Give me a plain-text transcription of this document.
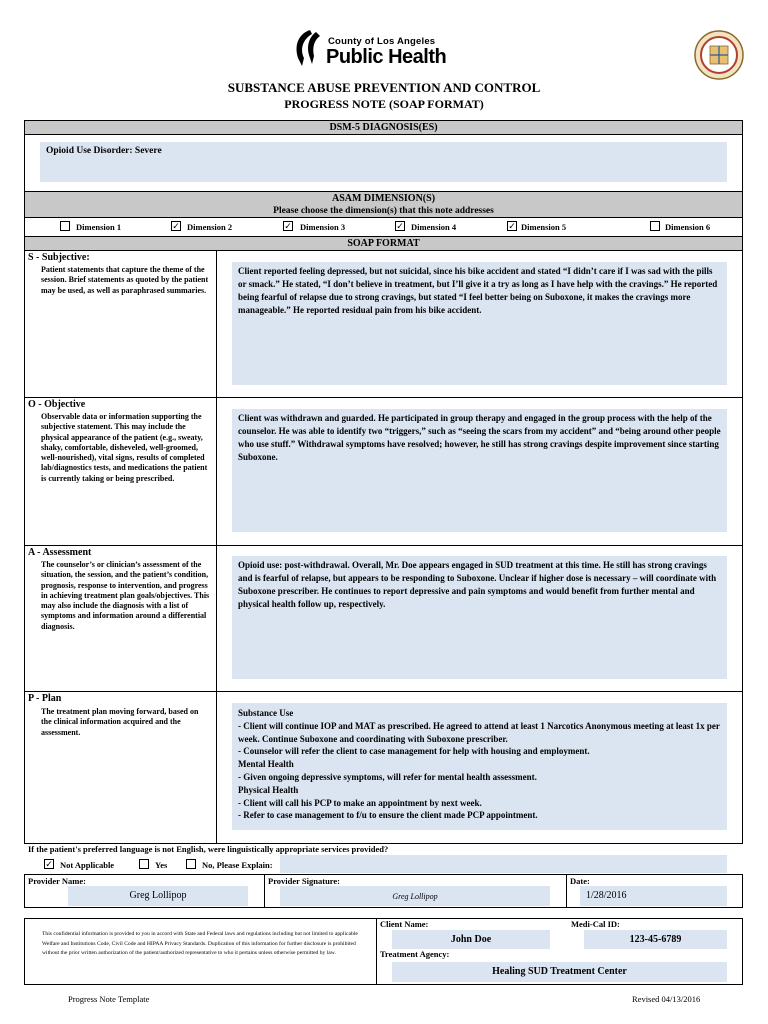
County of Los Angeles
Public Health
SUBSTANCE ABUSE PREVENTION AND CONTROL
PROGRESS NOTE (SOAP FORMAT)
DSM-5 DIAGNOSIS(ES)
Opioid Use Disorder: Severe
ASAM DIMENSION(S)
Please choose the dimension(s) that this note addresses
Dimension 1	✓ Dimension 2	✓ Dimension 3	✓ Dimension 4	✓ Dimension 5	Dimension 6
SOAP FORMAT
S - Subjective:
Patient statements that capture the theme of the session. Brief statements as quoted by the patient may be used, as well as paraphrased summaries.
Client reported feeling depressed, but not suicidal, since his bike accident and stated “I didn’t care if I was sad with the pills or smack.” He stated, “I don’t believe in treatment, but I’ll give it a try as long as I have help with the cravings.” He reported being fearful of relapse due to strong cravings, but stated “I feel better being on Suboxone, it makes the cravings more manageable.” He reported residual pain from his bike accident.
O - Objective
Observable data or information supporting the subjective statement. This may include the physical appearance of the patient (e.g., sweaty, shaky, comfortable, disheveled, well-groomed, well-nourished), vital signs, results of completed lab/diagnostics tests, and medications the patient is currently taking or being prescribed.
Client was withdrawn and guarded. He participated in group therapy and engaged in the group process with the help of the counselor. He was able to identify two “triggers,” such as “seeing the scars from my accident” and “being around other people who use stuff.” Withdrawal symptoms have resolved; however, he still has strong cravings despite improvement since starting Suboxone.
A - Assessment
The counselor’s or clinician’s assessment of the situation, the session, and the patient’s condition, prognosis, response to intervention, and progress in achieving treatment plan goals/objectives. This may also include the diagnosis with a list of symptoms and information around a differential diagnosis.
Opioid use: post-withdrawal. Overall, Mr. Doe appears engaged in SUD treatment at this time. He still has strong cravings and is fearful of relapse, but appears to be responding to Suboxone. Unclear if higher dose is necessary – will coordinate with Suboxone prescriber. He continues to report depressive and pain symptoms and would benefit from further mental and physical health follow up, respectively.
P - Plan
The treatment plan moving forward, based on the clinical information acquired and the assessment.
Substance Use
- Client will continue IOP and MAT as prescribed. He agreed to attend at least 1 Narcotics Anonymous meeting at least 1x per week. Continue Suboxone and coordinating with Suboxone prescriber.
- Counselor will refer the client to case management for help with housing and employment.
Mental Health
- Given ongoing depressive symptoms, will refer for mental health assessment.
Physical Health
- Client will call his PCP to make an appointment by next week.
- Refer to case management to f/u to ensure the client made PCP appointment.
If the patient's preferred language is not English, were linguistically appropriate services provided?
✓ Not Applicable	Yes	No, Please Explain:
Provider Name:
Greg Lollipop
Provider Signature:
Greg Lollipop
Date:
1/28/2016
This confidential information is provided to you in accord with State and Federal laws and regulations including but not limited to applicable Welfare and Institutions Code, Civil Code and HIPAA Privacy Standards. Duplication of this information for further disclosure is prohibited without the prior written authorization of the patient/authorized representative to who it pertains unless otherwise permitted by law.
Client Name:
John Doe
Medi-Cal ID:
123-45-6789
Treatment Agency:
Healing SUD Treatment Center
Progress Note Template	Revised 04/13/2016
